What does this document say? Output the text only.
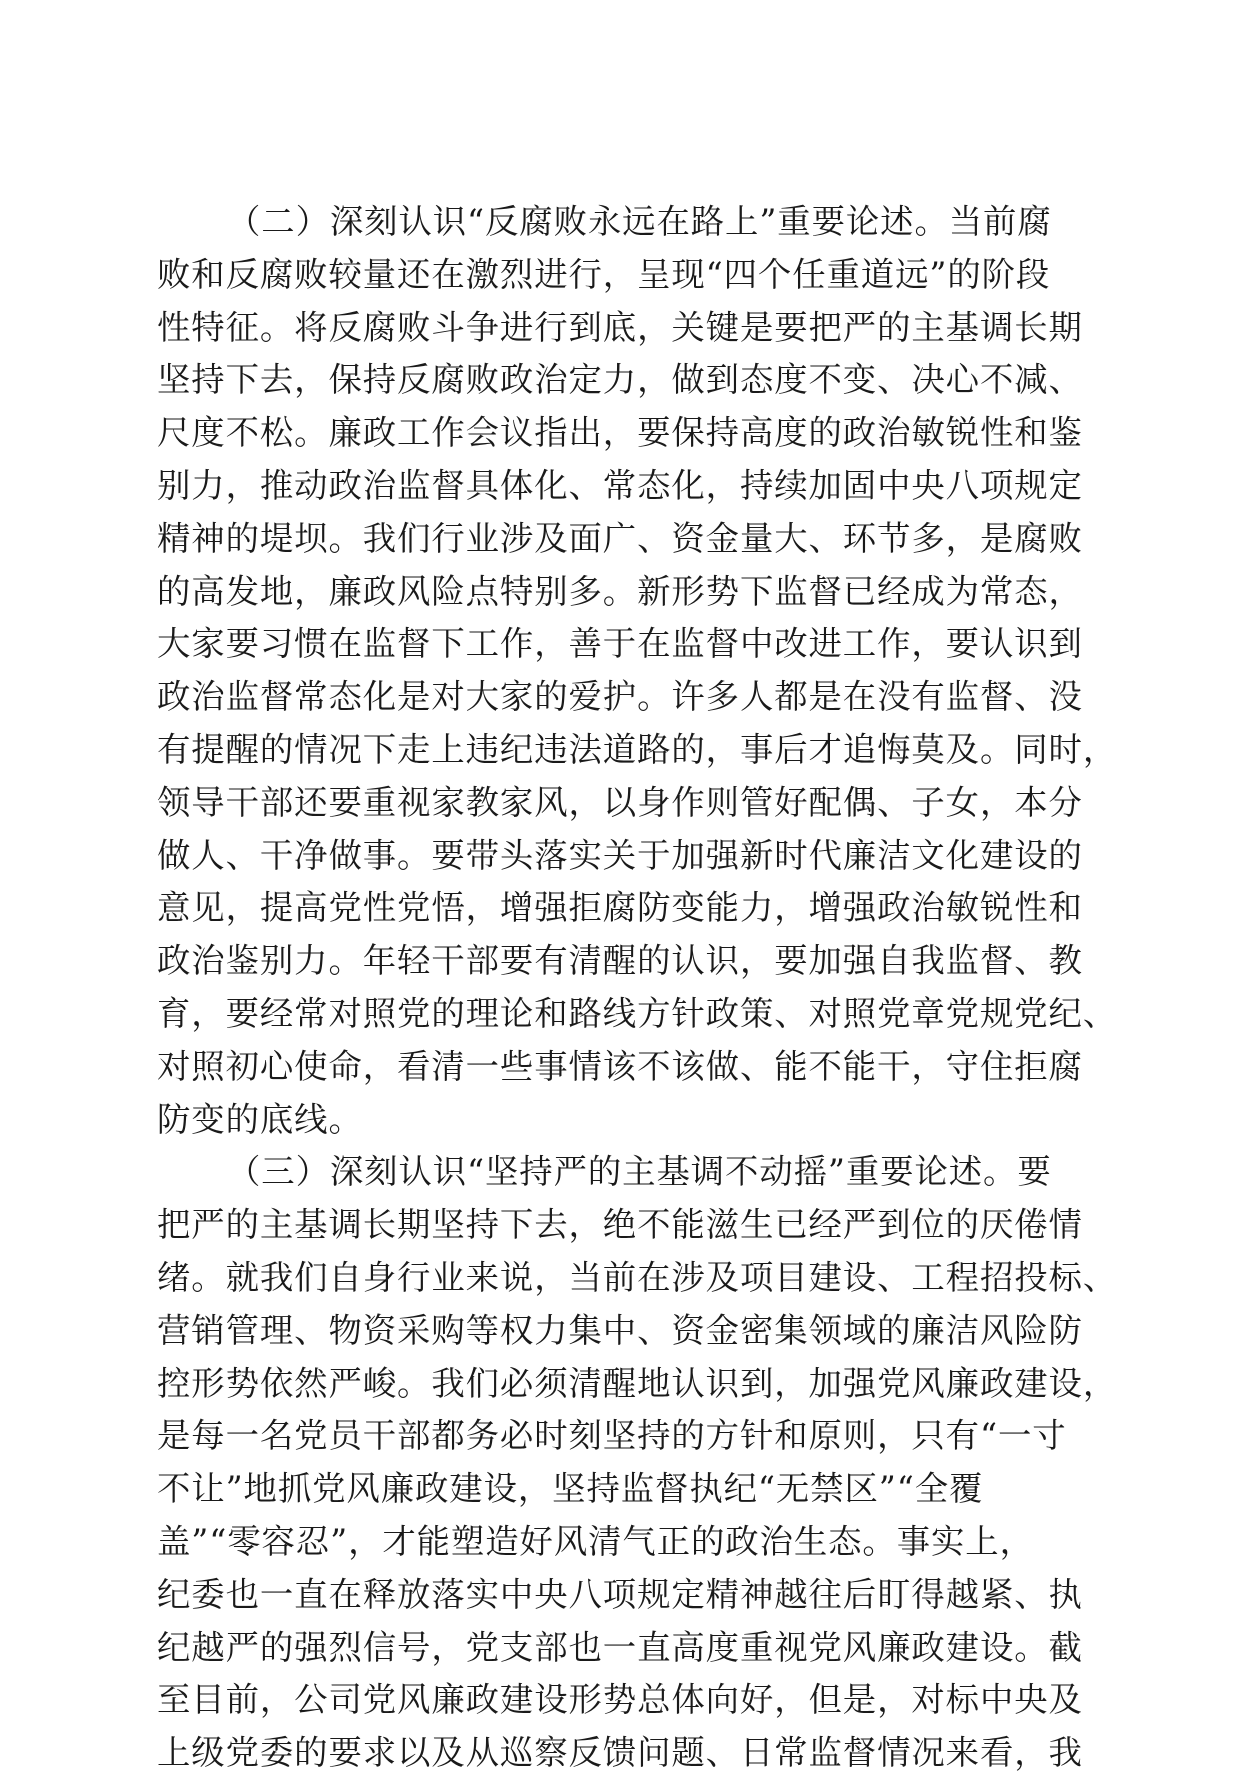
（二）深刻认识“反腐败永远在路上”重要论述。当前腐
败和反腐败较量还在激烈进行，呈现“四个任重道远”的阶段
性特征。将反腐败斗争进行到底，关键是要把严的主基调长期
坚持下去，保持反腐败政治定力，做到态度不变、决心不减、
尺度不松。廉政工作会议指出，要保持高度的政治敏锐性和鉴
别力，推动政治监督具体化、常态化，持续加固中央八项规定
精神的堤坝。我们行业涉及面广、资金量大、环节多，是腐败
的高发地，廉政风险点特别多。新形势下监督已经成为常态，
大家要习惯在监督下工作，善于在监督中改进工作，要认识到
政治监督常态化是对大家的爱护。许多人都是在没有监督、没
有提醒的情况下走上违纪违法道路的，事后才追悔莫及。同时，
领导干部还要重视家教家风，以身作则管好配偶、子女，本分
做人、干净做事。要带头落实关于加强新时代廉洁文化建设的
意见，提高党性党悟，增强拒腐防变能力，增强政治敏锐性和
政治鉴别力。年轻干部要有清醒的认识，要加强自我监督、教
育，要经常对照党的理论和路线方针政策、对照党章党规党纪、
对照初心使命，看清一些事情该不该做、能不能干，守住拒腐
防变的底线。
（三）深刻认识“坚持严的主基调不动摇”重要论述。要
把严的主基调长期坚持下去，绝不能滋生已经严到位的厌倦情
绪。就我们自身行业来说，当前在涉及项目建设、工程招投标、
营销管理、物资采购等权力集中、资金密集领域的廉洁风险防
控形势依然严峻。我们必须清醒地认识到，加强党风廉政建设，
是每一名党员干部都务必时刻坚持的方针和原则，只有“一寸
不让”地抓党风廉政建设，坚持监督执纪“无禁区”“全覆
盖”“零容忍”，才能塑造好风清气正的政治生态。事实上，
纪委也一直在释放落实中央八项规定精神越往后盯得越紧、执
纪越严的强烈信号，党支部也一直高度重视党风廉政建设。截
至目前，公司党风廉政建设形势总体向好，但是，对标中央及
上级党委的要求以及从巡察反馈问题、日常监督情况来看，我
